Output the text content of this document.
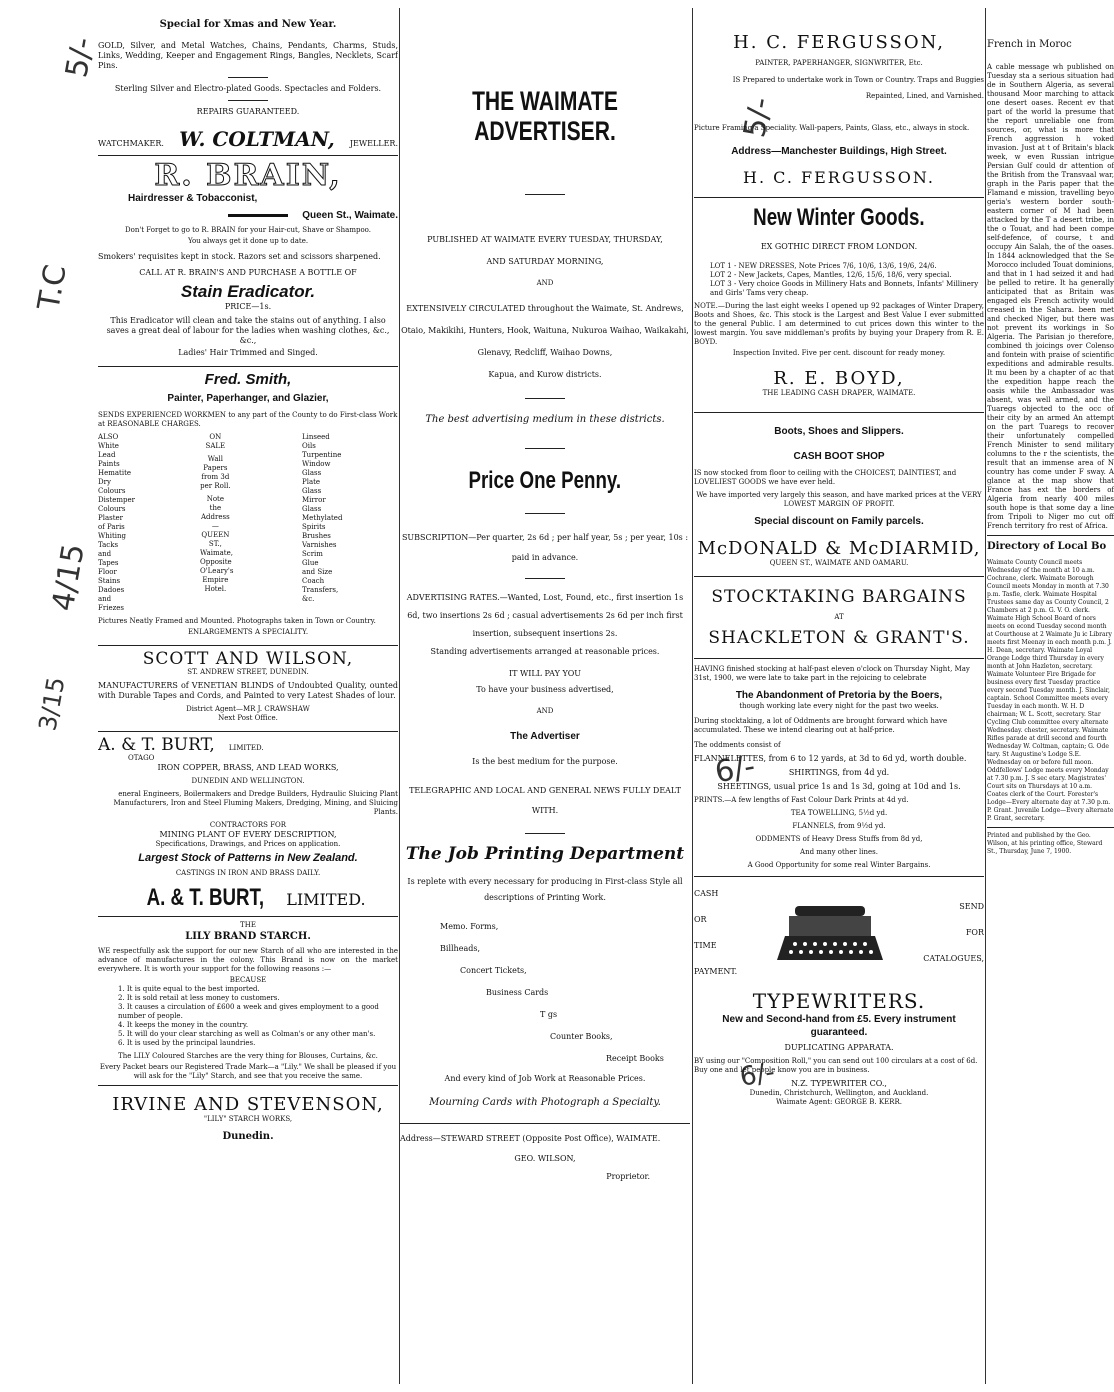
5/-
T.C
4/15
3/15
5/-
6/-
6/-
Special for Xmas and New Year.

GOLD, Silver, and Metal Watches, Chains, Pendants, Charms, Studs, Links, Wedding, Keeper and Engagement Rings, Bangles, Necklets, Scarf Pins.

Sterling Silver and Electro-plated Goods. Spectacles and Folders.

REPAIRS GUARANTEED.
WATCHMAKER. W. COLTMAN, JEWELLER.
R. BRAIN,
Hairdresser & Tobacconist,
Queen St., Waimate.

Don't Forget to go to R. BRAIN for your Hair-cut, Shave or Shampoo.

You always get it done up to date.

Smokers' requisites kept in stock. Razors set and scissors sharpened.

CALL AT R. BRAIN'S AND PURCHASE A BOTTLE OF

Stain Eradicator.
PRICE—1s.

This Eradicator will clean and take the stains out of anything. I also saves a great deal of labour for the ladies when washing clothes, &c., &c.,

Ladies' Hair Trimmed and Singed.

Fred. Smith,
Painter, Paperhanger, and Glazier,

SENDS EXPERIENCED WORKMEN to any part of the County to do First-class Work at REASONABLE CHARGES.

ALSO
White Lead
Paints
Hematite
Dry Colours
Distemper Colours
Plaster of Paris
Whiting
Tacks and Tapes
Floor Stains
Dadoes and Friezes
ON SALE
Wall Papers from 3d per Roll.
Note the Address—
QUEEN ST., Waimate,
Opposite O'Leary's Empire Hotel.
Linseed Oils
Turpentine
Window Glass
Plate Glass
Mirror Glass
Methylated Spirits
Brushes
Varnishes
Scrim
Glue and Size
Coach Transfers, &c.

Pictures Neatly Framed and Mounted. Photographs taken in Town or Country.

ENLARGEMENTS A SPECIALITY.
SCOTT AND WILSON,
ST. ANDREW STREET, DUNEDIN.

MANUFACTURERS of VENETIAN BLINDS of Undoubted Quality, ounted with Durable Tapes and Cords, and Painted to very Latest Shades of lour.

District Agent—MR J. CRAWSHAW
Next Post Office.
A. & T. BURT, LIMITED.
OTAGO
IRON COPPER, BRASS, AND LEAD WORKS,
DUNEDIN AND WELLINGTON.

eneral Engineers, Boilermakers and Dredge Builders, Hydraulic Sluicing Plant Manufacturers, Iron and Steel Fluming Makers, Dredging, Mining, and Sluicing Plants.

CONTRACTORS FOR
MINING PLANT OF EVERY DESCRIPTION,
Specifications, Drawings, and Prices on application.
Largest Stock of Patterns in New Zealand.
CASTINGS IN IRON AND BRASS DAILY.
A. & T. BURT, LIMITED.
THE
LILY BRAND STARCH.

WE respectfully ask the support for our new Starch of all who are interested in the advance of manufactures in the colony. This Brand is now on the market everywhere. It is worth your support for the following reasons :—

BECAUSE
1. It is quite equal to the best imported.
2. It is sold retail at less money to customers.
3. It causes a circulation of £600 a week and gives employment to a good number of people.
4. It keeps the money in the country.
5. It will do your clear starching as well as Colman's or any other man's.
6. It is used by the principal laundries.

The LILY Coloured Starches are the very thing for Blouses, Curtains, &c.

Every Packet bears our Registered Trade Mark—a "Lily." We shall be pleased if you will ask for the "Lily" Starch, and see that you receive the same.

IRVINE AND STEVENSON,
"LILY" STARCH WORKS,
Dunedin.
THE WAIMATE ADVERTISER.
PUBLISHED AT WAIMATE EVERY TUESDAY, THURSDAY,
AND SATURDAY MORNING,
AND

EXTENSIVELY CIRCULATED throughout the Waimate, St. Andrews, Otaio, Makikihi, Hunters, Hook, Waituna, Nukuroa Waihao, Waikakahi, Glenavy, Redcliff, Waihao Downs,

Kapua, and Kurow districts.
The best advertising medium in these districts.
Price One Penny.

SUBSCRIPTION—Per quarter, 2s 6d ; per half year, 5s ; per year, 10s : paid in advance.

ADVERTISING RATES.—Wanted, Lost, Found, etc., first insertion 1s 6d, two insertions 2s 6d ; casual advertisements 2s 6d per inch first insertion, subsequent insertions 2s.

Standing advertisements arranged at reasonable prices.
IT WILL PAY YOU
To have your business advertised,
AND
The Advertiser
Is the best medium for the purpose.

TELEGRAPHIC AND LOCAL AND GENERAL NEWS FULLY DEALT WITH.

The Job Printing Department

Is replete with every necessary for producing in First-class Style all descriptions of Printing Work.

Memo. Forms,
Billheads,
Concert Tickets,
Business Cards
T gs
Counter Books,
Receipt Books
And every kind of Job Work at Reasonable Prices.
Mourning Cards with Photograph a Specialty.
Address—STEWARD STREET (Opposite Post Office), WAIMATE.
GEO. WILSON,
Proprietor.
H. C. FERGUSSON,
PAINTER, PAPERHANGER, SIGNWRITER, Etc.

IS Prepared to undertake work in Town or Country. Traps and Buggies Repainted, Lined, and Varnished.

Picture Framing a Speciality. Wall-papers, Paints, Glass, etc., always in stock.

Address—Manchester Buildings, High Street.
H. C. FERGUSSON.
New Winter Goods.
EX GOTHIC DIRECT FROM LONDON.
LOT 1 - NEW DRESSES, Note Prices 7/6, 10/6, 13/6, 19/6, 24/6.
LOT 2 - New Jackets, Capes, Mantles, 12/6, 15/6, 18/6, very special.
LOT 3 - Very choice Goods in Millinery Hats and Bonnets, Infants' Millinery and Girls' Tams very cheap.

NOTE.—During the last eight weeks I opened up 92 packages of Winter Drapery, Boots and Shoes, &c. This stock is the Largest and Best Value I ever submitted to the general Public. I am determined to cut prices down this winter to the lowest margin. You save middleman's profits by buying your Drapery from R. E. BOYD.

Inspection Invited. Five per cent. discount for ready money.
R. E. BOYD,
THE LEADING CASH DRAPER, WAIMATE.
Boots, Shoes and Slippers.
CASH BOOT SHOP

IS now stocked from floor to ceiling with the CHOICEST, DAINTIEST, and LOVELIEST GOODS we have ever held.

We have imported very largely this season, and have marked prices at the VERY LOWEST MARGIN OF PROFIT.

Special discount on Family parcels.
McDONALD & McDIARMID,
QUEEN ST., WAIMATE AND OAMARU.
STOCKTAKING BARGAINS
AT
SHACKLETON & GRANT'S.

HAVING finished stocking at half-past eleven o'clock on Thursday Night, May 31st, 1900, we were late to take part in the rejoicing to celebrate

The Abandonment of Pretoria by the Boers,
though working late every night for the past two weeks.

During stocktaking, a lot of Oddments are brought forward which have accumulated. These we intend clearing out at half-price.

The oddments consist of
FLANNELETTES, from 6 to 12 yards, at 3d to 6d yd, worth double.
SHIRTINGS, from 4d yd.
SHEETINGS, usual price 1s and 1s 3d, going at 10d and 1s.
PRINTS.—A few lengths of Fast Colour Dark Prints at 4d yd.
TEA TOWELLING, 5½d yd.
FLANNELS, from 9½d yd.
ODDMENTS of Heavy Dress Stuffs from 8d yd,
And many other lines.
A Good Opportunity for some real Winter Bargains.
CASH
OR
TIME
PAYMENT.
SEND
FOR
CATALOGUES,
TYPEWRITERS.
New and Second-hand from £5. Every instrument guaranteed.
DUPLICATING APPARATA.

BY using our "Composition Roll," you can send out 100 circulars at a cost of 6d. Buy one and let people know you are in business.

N.Z. TYPEWRITER CO.,
Dunedin, Christchurch, Wellington, and Auckland.
Waimate Agent: GEORGE B. KERR.
French in Moroc

A cable message wh published on Tuesday sta a serious situation had de in Southern Algeria, as several thousand Moor marching to attack one desert oases. Recent ev that part of the world la presume that the report unreliable one from sources, or, what is more that French aggression h voked invasion. Just at t of Britain's black week, w even Russian intrigue Persian Gulf could dr attention of the British from the Transvaal war, graph in the Paris paper that the Flamand e mission, travelling beyo geria's western border south-eastern corner of M had been attacked by the T a desert tribe, in the o Touat, and had been compe self-defence, of course, t and occupy Ain Salah, the of the oases. In 1844 acknowledged that the Se Morocco included Touat dominions, and that in 1 had seized it and had be pelled to retire. It ha generally anticipated that as Britain was engaged els French activity would creased in the Sahara. been met and checked Niger, but there was not prevent its workings in So Algeria. The Parisian jo therefore, combined th joicings over Colenso and fontein with praise of scientific expeditions and admirable results. It mu been by a chapter of ac that the expedition happe reach the oasis while the Ambassador was absent, was well armed, and the Tuaregs objected to the occ of their city by an armed An attempt on the part Tuaregs to recover their unfortunately compelled French Minister to send military columns to the r the scientists, the result that an immense area of N country has come under F sway. A glance at the map show that France has ext the borders of Algeria from nearly 400 miles south hope is that some day a line from Tripoli to Niger mo cut off French territory fro rest of Africa.

Directory of Local Bo

Waimate County Council meets Wednesday of the month at 10 a.m. Cochrane, clerk. Waimate Borough Council meets Monday in month at 7.30 p.m. Tasfie, clerk. Waimate Hospital Trustees same day as County Council, 2 Chambers at 2 p.m. G. V. O. clerk. Waimate High School Board of nors meets on econd Tuesday second month at Courthouse at 2 Waimate Ju ic Library meets first Meenay in each month p.m. J. H. Dean, secretary. Waimate Loyal Orange Lodge third Thursday in every month at John Hazleton, secretary. Waimate Volunteer Fire Brigade for business every first Tuesday practice every second Tuesday month. J. Sinclair, captain. School Committee meets every Tuesday in each month. W. H. D chairman; W. L. Scott, secretary. Star Cycling Club committee every alternate Wednesday. chester, secretary. Waimate Rifles parade at drill second and fourth Wednesday W. Coltman, captain; G. Ode tary. St Augustine's Lodge S.E. Wednesday on or before full moon. Oddfellows' Lodge meets every Monday at 7.30 p.m. J. S sec etary. Magistrates' Court sits on Thursdays at 10 a.m. Coates clerk of the Court. Forester's Lodge—Every alternate day at 7.30 p.m. P. Grant. Juvenile Lodge—Every alternate P. Grant, secretary.

Printed and published by the Geo. Wilson, at his printing office, Steward St., Thursday, June 7, 1900.
